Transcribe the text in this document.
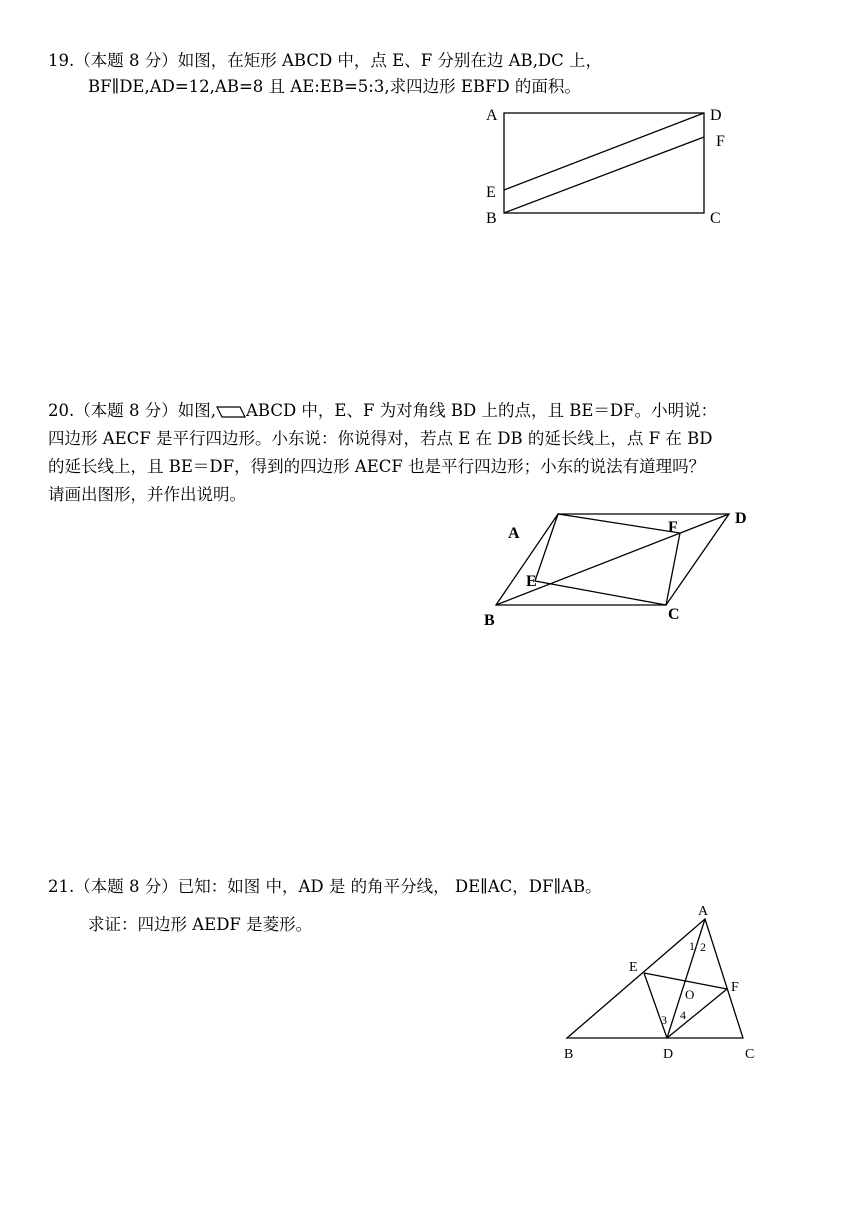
19.（本题 8 分）如图，在矩形 ABCD 中，点 E、F 分别在边 AB,DC 上，
BF∥DE,AD=12,AB=8 且 AE:EB=5:3,求四边形 EBFD 的面积。
A	D
F
E
B	C
20.（本题 8 分）如图, ABCD 中，E、F 为对角线 BD 上的点，且 BE＝DF。小明说：
四边形 AECF 是平行四边形。小东说：你说得对，若点 E 在 DB 的延长线上，点 F 在 BD
的延长线上，且 BE＝DF，得到的四边形 AECF 也是平行四边形；小东的说法有道理吗？
请画出图形，并作出说明。
A	F
D
E
B	C
21.（本题 8 分）已知：如图 中，AD 是 的角平分线， DE∥AC，DF∥AB。
求证：四边形 AEDF 是菱形。
A
E
F
O
1 2
3 4
B	D	C
